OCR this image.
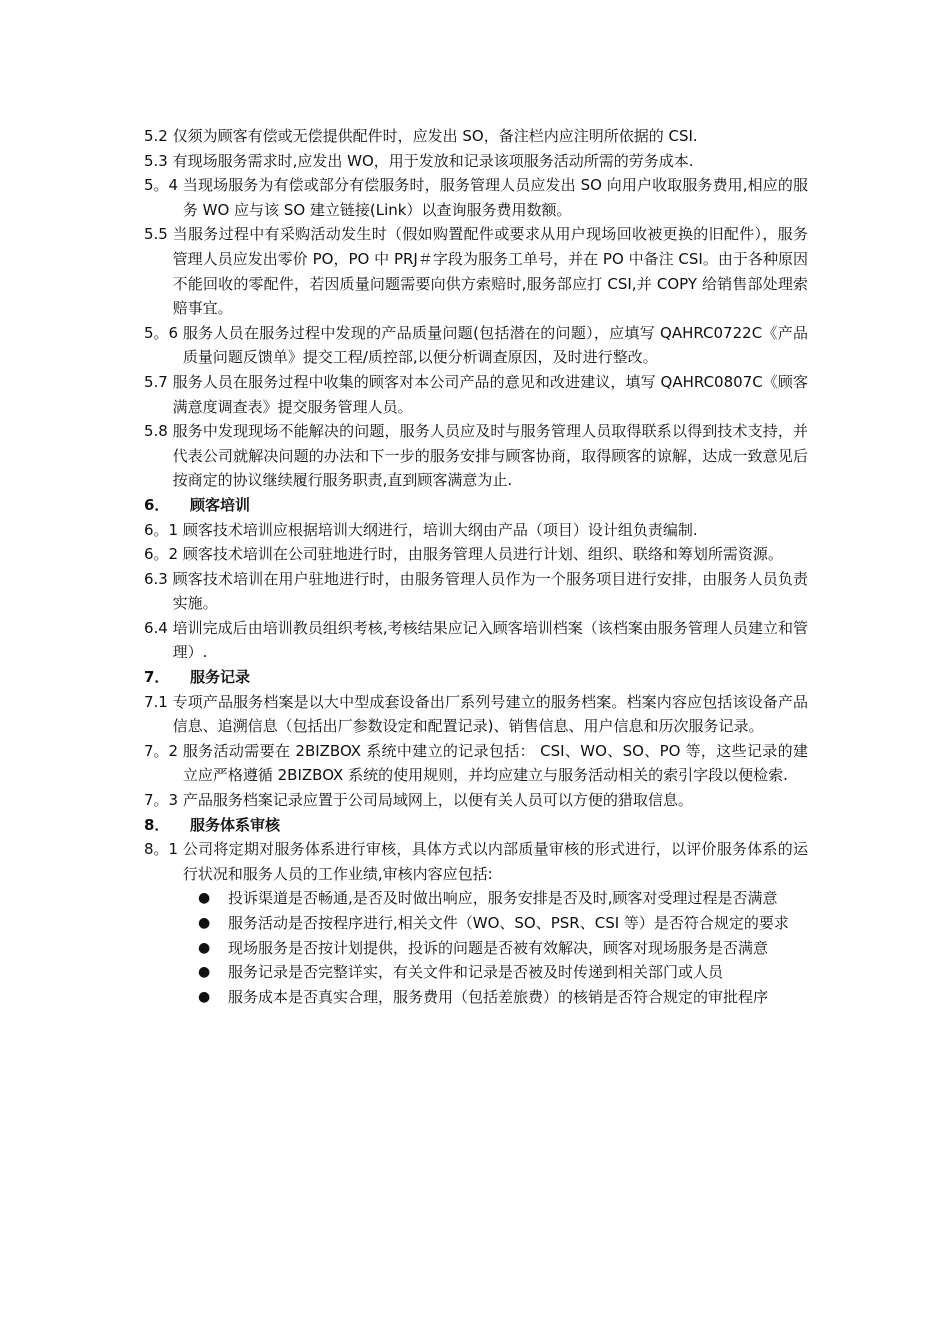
5.2 仅须为顾客有偿或无偿提供配件时，应发出 SO，备注栏内应注明所依据的 CSI.
5.3 有现场服务需求时,应发出 WO，用于发放和记录该项服务活动所需的劳务成本.
5。4 当现场服务为有偿或部分有偿服务时，服务管理人员应发出 SO 向用户收取服务费用,相应的服务 WO 应与该 SO 建立链接(Link）以查询服务费用数额。
5.5 当服务过程中有采购活动发生时（假如购置配件或要求从用户现场回收被更换的旧配件），服务管理人员应发出零价 PO，PO 中 PRJ＃字段为服务工单号，并在 PO 中备注 CSI。由于各种原因不能回收的零配件，若因质量问题需要向供方索赔时,服务部应打 CSI,并 COPY 给销售部处理索赔事宜。
5。6 服务人员在服务过程中发现的产品质量问题(包括潜在的问题），应填写 QAHRC0722C《产品质量问题反馈单》提交工程/质控部,以便分析调查原因，及时进行整改。
5.7 服务人员在服务过程中收集的顾客对本公司产品的意见和改进建议，填写 QAHRC0807C《顾客满意度调查表》提交服务管理人员。
5.8 服务中发现现场不能解决的问题，服务人员应及时与服务管理人员取得联系以得到技术支持，并代表公司就解决问题的办法和下一步的服务安排与顾客协商，取得顾客的谅解，达成一致意见后按商定的协议继续履行服务职责,直到顾客满意为止.
6．	顾客培训
6。1 顾客技术培训应根据培训大纲进行，培训大纲由产品（项目）设计组负责编制.
6。2 顾客技术培训在公司驻地进行时，由服务管理人员进行计划、组织、联络和筹划所需资源。
6.3 顾客技术培训在用户驻地进行时，由服务管理人员作为一个服务项目进行安排，由服务人员负责实施。
6.4 培训完成后由培训教员组织考核,考核结果应记入顾客培训档案（该档案由服务管理人员建立和管理）.
7．	服务记录
7.1 专项产品服务档案是以大中型成套设备出厂系列号建立的服务档案。档案内容应包括该设备产品信息、追溯信息（包括出厂参数设定和配置记录)、销售信息、用户信息和历次服务记录。
7。2 服务活动需要在 2BIZBOX 系统中建立的记录包括： CSI、WO、SO、PO 等，这些记录的建立应严格遵循 2BIZBOX 系统的使用规则，并均应建立与服务活动相关的索引字段以便检索.
7。3 产品服务档案记录应置于公司局域网上，以便有关人员可以方便的猎取信息。
8．	服务体系审核
8。1 公司将定期对服务体系进行审核，具体方式以内部质量审核的形式进行，以评价服务体系的运行状况和服务人员的工作业绩,审核内容应包括:
●	投诉渠道是否畅通,是否及时做出响应，服务安排是否及时,顾客对受理过程是否满意
●	服务活动是否按程序进行,相关文件（WO、SO、PSR、CSI 等）是否符合规定的要求
●	现场服务是否按计划提供，投诉的问题是否被有效解决，顾客对现场服务是否满意
●	服务记录是否完整详实，有关文件和记录是否被及时传递到相关部门或人员
●	服务成本是否真实合理，服务费用（包括差旅费）的核销是否符合规定的审批程序
